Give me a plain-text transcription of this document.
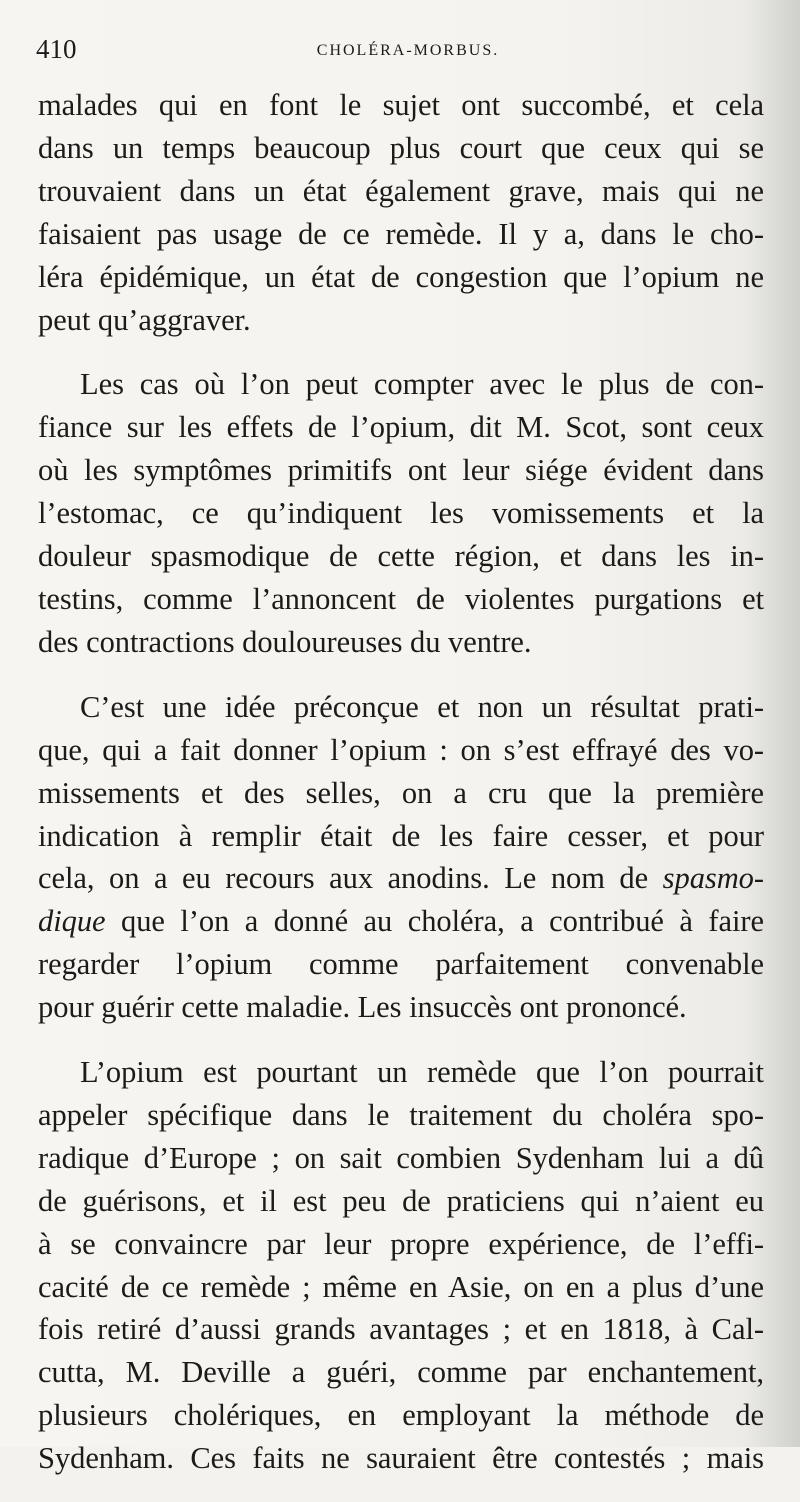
410	CHOLÉRA-MORBUS.
malades qui en font le sujet ont succombé, et cela
dans un temps beaucoup plus court que ceux qui se
trouvaient dans un état également grave, mais qui ne
faisaient pas usage de ce remède. Il y a, dans le cho-
léra épidémique, un état de congestion que l’opium ne
peut qu’aggraver.
Les cas où l’on peut compter avec le plus de con-
fiance sur les effets de l’opium, dit M. Scot, sont ceux
où les symptômes primitifs ont leur siége évident dans
l’estomac, ce qu’indiquent les vomissements et la
douleur spasmodique de cette région, et dans les in-
testins, comme l’annoncent de violentes purgations et
des contractions douloureuses du ventre.
C’est une idée préconçue et non un résultat prati-
que, qui a fait donner l’opium : on s’est effrayé des vo-
missements et des selles, on a cru que la première
indication à remplir était de les faire cesser, et pour
cela, on a eu recours aux anodins. Le nom de spasmo-
dique que l’on a donné au choléra, a contribué à faire
regarder l’opium comme parfaitement convenable
pour guérir cette maladie. Les insuccès ont prononcé.
L’opium est pourtant un remède que l’on pourrait
appeler spécifique dans le traitement du choléra spo-
radique d’Europe ; on sait combien Sydenham lui a dû
de guérisons, et il est peu de praticiens qui n’aient eu
à se convaincre par leur propre expérience, de l’effi-
cacité de ce remède ; même en Asie, on en a plus d’une
fois retiré d’aussi grands avantages ; et en 1818, à Cal-
cutta, M. Deville a guéri, comme par enchantement,
plusieurs cholériques, en employant la méthode de
Sydenham. Ces faits ne sauraient être contestés ; mais
